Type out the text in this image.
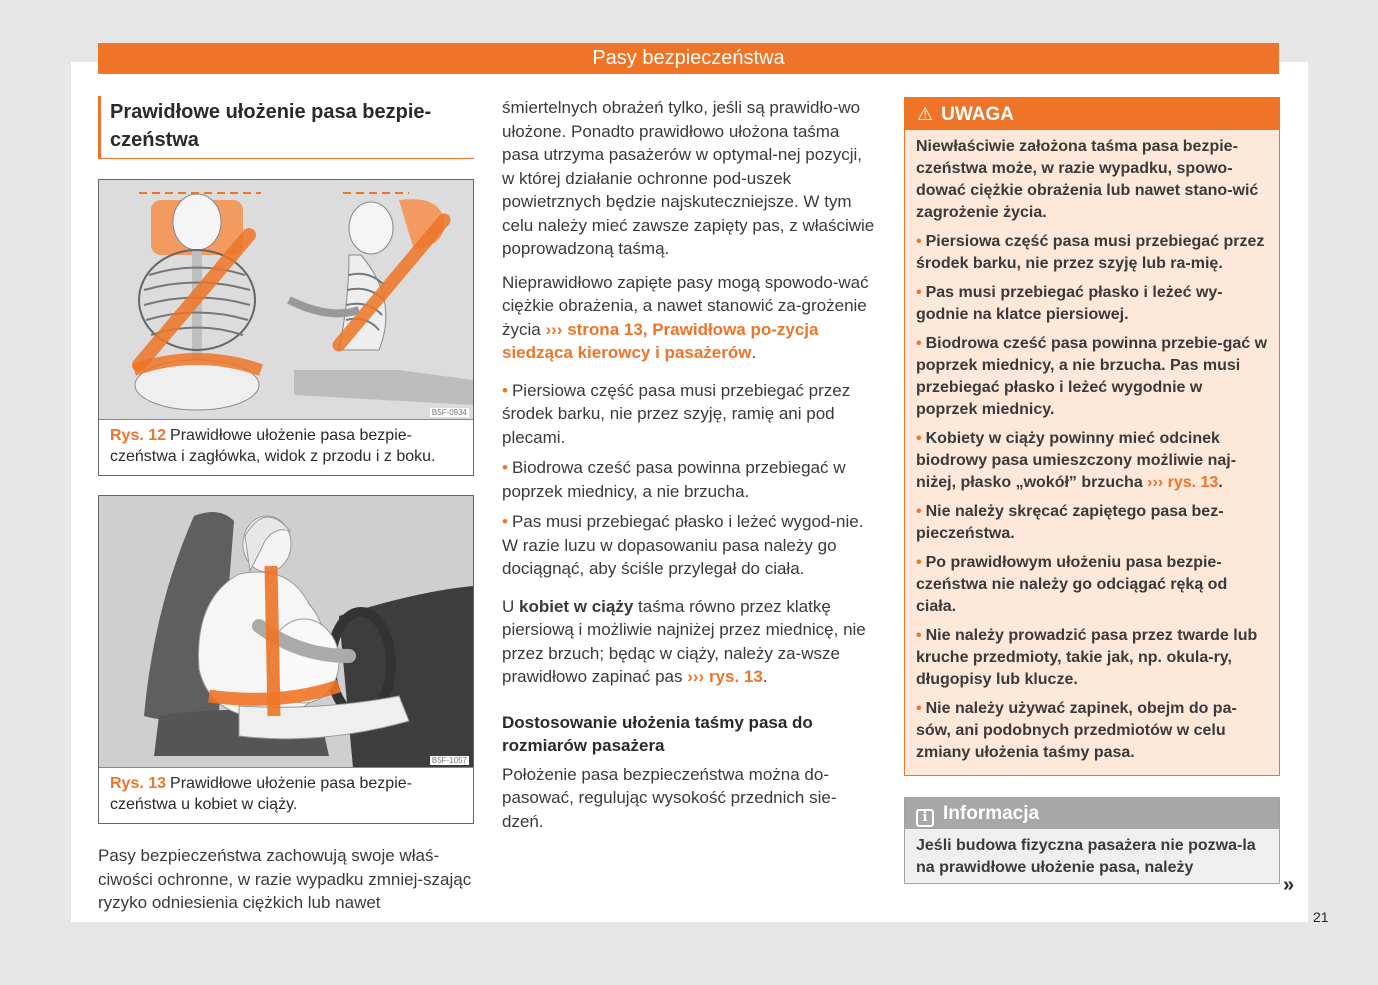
Pasy bezpieczeństwa
Prawidłowe ułożenie pasa bezpie-czeństwa
B5F-0934
Rys. 12 Prawidłowe ułożenie pasa bezpie-czeństwa i zagłówka, widok z przodu i z boku.
B5F-1057
Rys. 13 Prawidłowe ułożenie pasa bezpie-czeństwa u kobiet w ciąży.

Pasy bezpieczeństwa zachowują swoje właś-ciwości ochronne, w razie wypadku zmniej-szając ryzyko odniesienia ciężkich lub nawet

śmiertelnych obrażeń tylko, jeśli są prawidło-wo ułożone. Ponadto prawidłowo ułożona taśma pasa utrzyma pasażerów w optymal-nej pozycji, w której działanie ochronne pod-uszek powietrznych będzie najskuteczniejsze. W tym celu należy mieć zawsze zapięty pas, z właściwie poprowadzoną taśmą.

Nieprawidłowo zapięte pasy mogą spowodo-wać ciężkie obrażenia, a nawet stanowić za-grożenie życia ››› strona 13, Prawidłowa po-zycja siedząca kierowcy i pasażerów.

• Piersiowa część pasa musi przebiegać przez środek barku, nie przez szyję, ramię ani pod plecami.
• Biodrowa cześć pasa powinna przebiegać w poprzek miednicy, a nie brzucha.
• Pas musi przebiegać płasko i leżeć wygod-nie. W razie luzu w dopasowaniu pasa należy go dociągnąć, aby ściśle przylegał do ciała.

U kobiet w ciąży taśma równo przez klatkę piersiową i możliwie najniżej przez miednicę, nie przez brzuch; będąc w ciąży, należy za-wsze prawidłowo zapinać pas ››› rys. 13.

Dostosowanie ułożenia taśmy pasa do rozmiarów pasażera

Położenie pasa bezpieczeństwa można do-pasować, regulując wysokość przednich sie-dzeń.

⚠ UWAGA
Niewłaściwie założona taśma pasa bezpie-czeństwa może, w razie wypadku, spowo-dować ciężkie obrażenia lub nawet stano-wić zagrożenie życia.
• Piersiowa część pasa musi przebiegać przez środek barku, nie przez szyję lub ra-mię.
• Pas musi przebiegać płasko i leżeć wy-godnie na klatce piersiowej.
• Biodrowa cześć pasa powinna przebie-gać w poprzek miednicy, a nie brzucha. Pas musi przebiegać płasko i leżeć wygodnie w poprzek miednicy.
• Kobiety w ciąży powinny mieć odcinek biodrowy pasa umieszczony możliwie naj-niżej, płasko „wokół” brzucha ››› rys. 13.
• Nie należy skręcać zapiętego pasa bez-pieczeństwa.
• Po prawidłowym ułożeniu pasa bezpie-czeństwa nie należy go odciągać ręką od ciała.
• Nie należy prowadzić pasa przez twarde lub kruche przedmioty, takie jak, np. okula-ry, długopisy lub klucze.
• Nie należy używać zapinek, obejm do pa-sów, ani podobnych przedmiotów w celu zmiany ułożenia taśmy pasa.
i Informacja
Jeśli budowa fizyczna pasażera nie pozwa-la na prawidłowe ułożenie pasa, należy
»
21
